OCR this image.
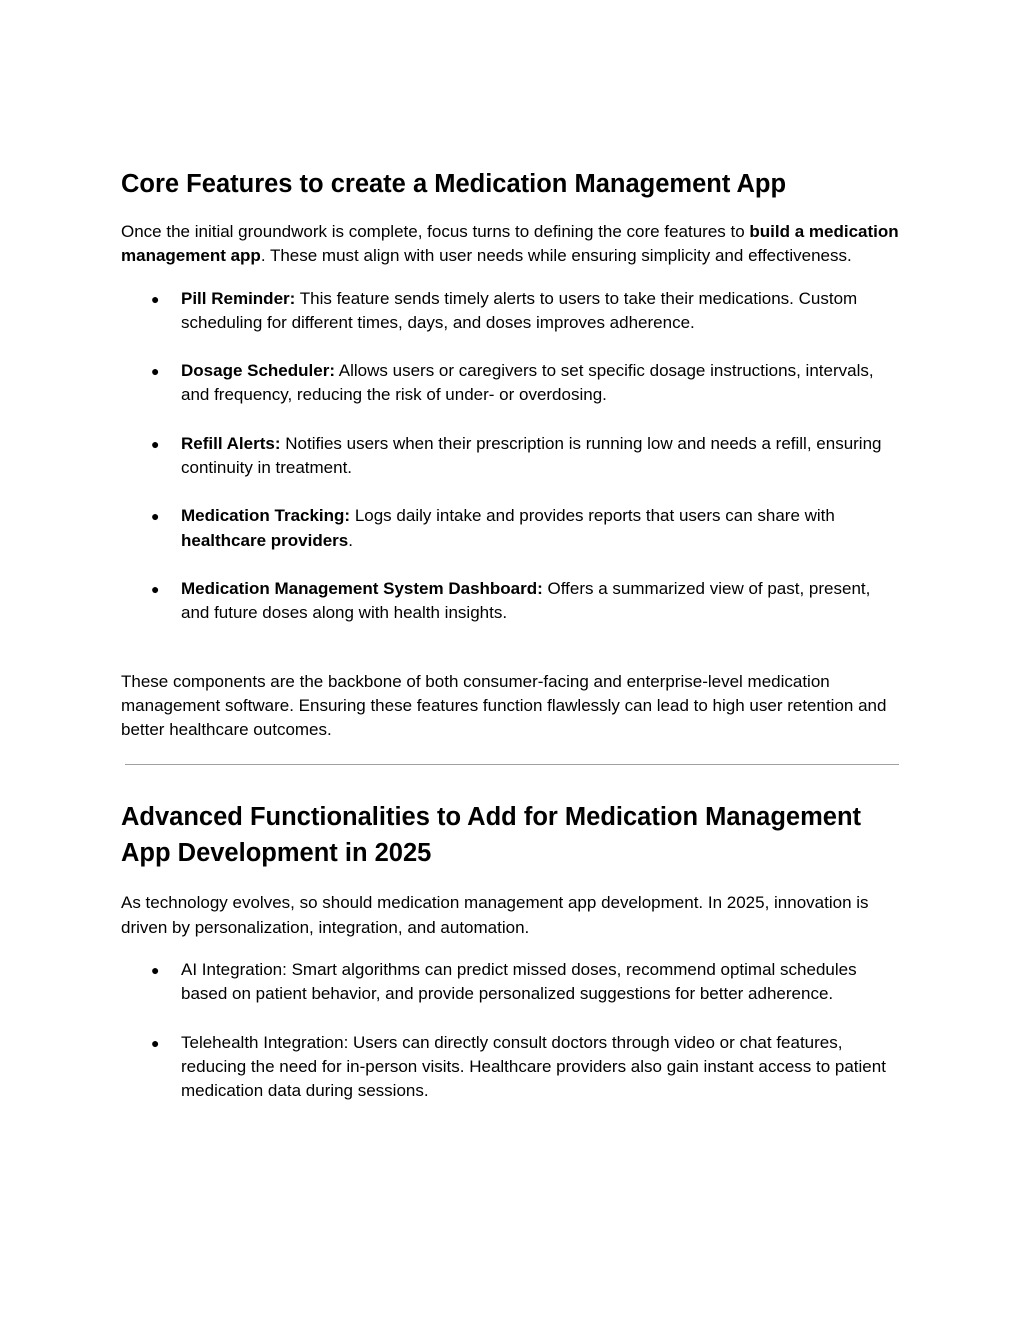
Core Features to create a Medication Management App

Once the initial groundwork is complete, focus turns to defining the core features to build a medication management app. These must align with user needs while ensuring simplicity and effectiveness.

● Pill Reminder: This feature sends timely alerts to users to take their medications. Custom scheduling for different times, days, and doses improves adherence.
● Dosage Scheduler: Allows users or caregivers to set specific dosage instructions, intervals, and frequency, reducing the risk of under- or overdosing.
● Refill Alerts: Notifies users when their prescription is running low and needs a refill, ensuring continuity in treatment.
● Medication Tracking: Logs daily intake and provides reports that users can share with healthcare providers.
● Medication Management System Dashboard: Offers a summarized view of past, present, and future doses along with health insights.

These components are the backbone of both consumer-facing and enterprise-level medication management software. Ensuring these features function flawlessly can lead to high user retention and better healthcare outcomes.

Advanced Functionalities to Add for Medication Management App Development in 2025

As technology evolves, so should medication management app development. In 2025, innovation is driven by personalization, integration, and automation.

● AI Integration: Smart algorithms can predict missed doses, recommend optimal schedules based on patient behavior, and provide personalized suggestions for better adherence.
● Telehealth Integration: Users can directly consult doctors through video or chat features, reducing the need for in-person visits. Healthcare providers also gain instant access to patient medication data during sessions.
